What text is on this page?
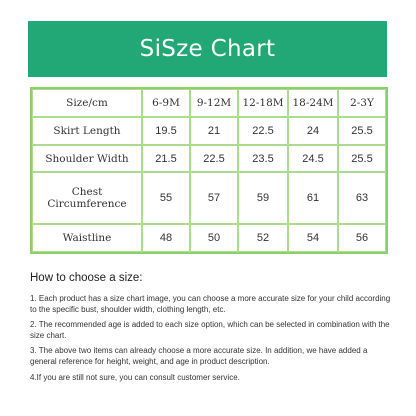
SiSze Chart
Size/cm	6-9M	9-12M	12-18M	18-24M	2-3Y
Skirt Length	19.5	21	22.5	24	25.5
Shoulder Width	21.5	22.5	23.5	24.5	25.5
Chest Circumference	55	57	59	61	63
Waistline	48	50	52	54	56
How to choose a size:
1. Each product has a size chart image, you can choose a more accurate size for your child according to the specific bust, shoulder width, clothing length, etc.
2. The recommended age is added to each size option, which can be selected in combination with the size chart.
3. The above two items can already choose a more accurate size. In addition, we have added a general reference for height, weight, and age in product description.
4.If you are still not sure, you can consult customer service.
